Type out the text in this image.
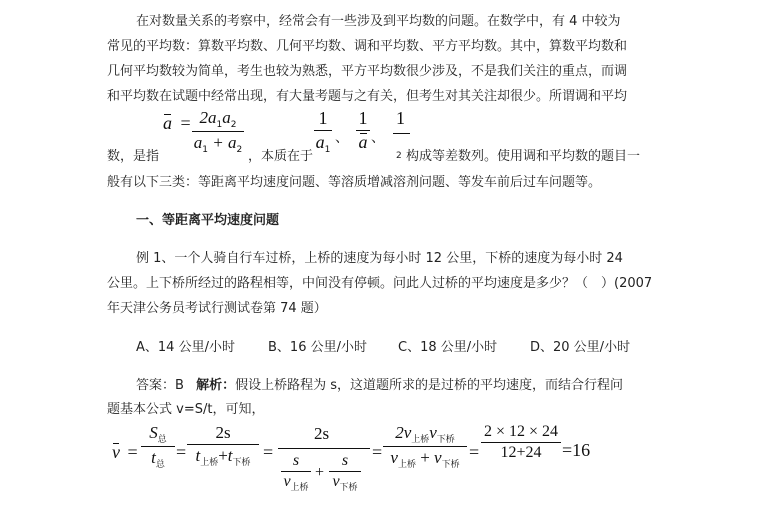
在对数量关系的考察中，经常会有一些涉及到平均数的问题。在数学中，有 4 中较为
常见的平均数：算数平均数、几何平均数、调和平均数、平方平均数。其中，算数平均数和
几何平均数较为简单，考生也较为熟悉，平方平均数很少涉及，不是我们关注的重点，而调
和平均数在试题中经常出现，有大量考题与之有关，但考生对其关注却很少。所谓调和平均
$a = 2a_1a_2$
$a_1 + a_2$
1
$a_1$
、
1
a 、
1
数，是指	，本质在于	2 构成等差数列。使用调和平均数的题目一
般有以下三类：等距离平均速度问题、等溶质增减溶剂问题、等发车前后过车问题等。
一、等距离平均速度问题
例 1、一个人骑自行车过桥，上桥的速度为每小时 12 公里，下桥的速度为每小时 24
公里。上下桥所经过的路程相等，中间没有停顿。问此人过桥的平均速度是多少？（　）(2007
年天津公务员考试行测试卷第 74 题）
A、14 公里/小时	B、16 公里/小时 C、18 公里/小时	D、20 公里/小时
答案：B 解析：假设上桥路程为 s，这道题所求的是过桥的平均速度，而结合行程问
题基本公式 v=S/t，可知，
v =
$S_总$
$t_总$
=
2s
$t_{上桥}+t_{下桥}$
=
2s
s
$v_{上桥}$
+
s
$v_{下桥}$
=
$2v_{上桥}v_{下桥}$
$v_{上桥} + v_{下桥}$
=
2 × 12 × 24
12+24	=16
